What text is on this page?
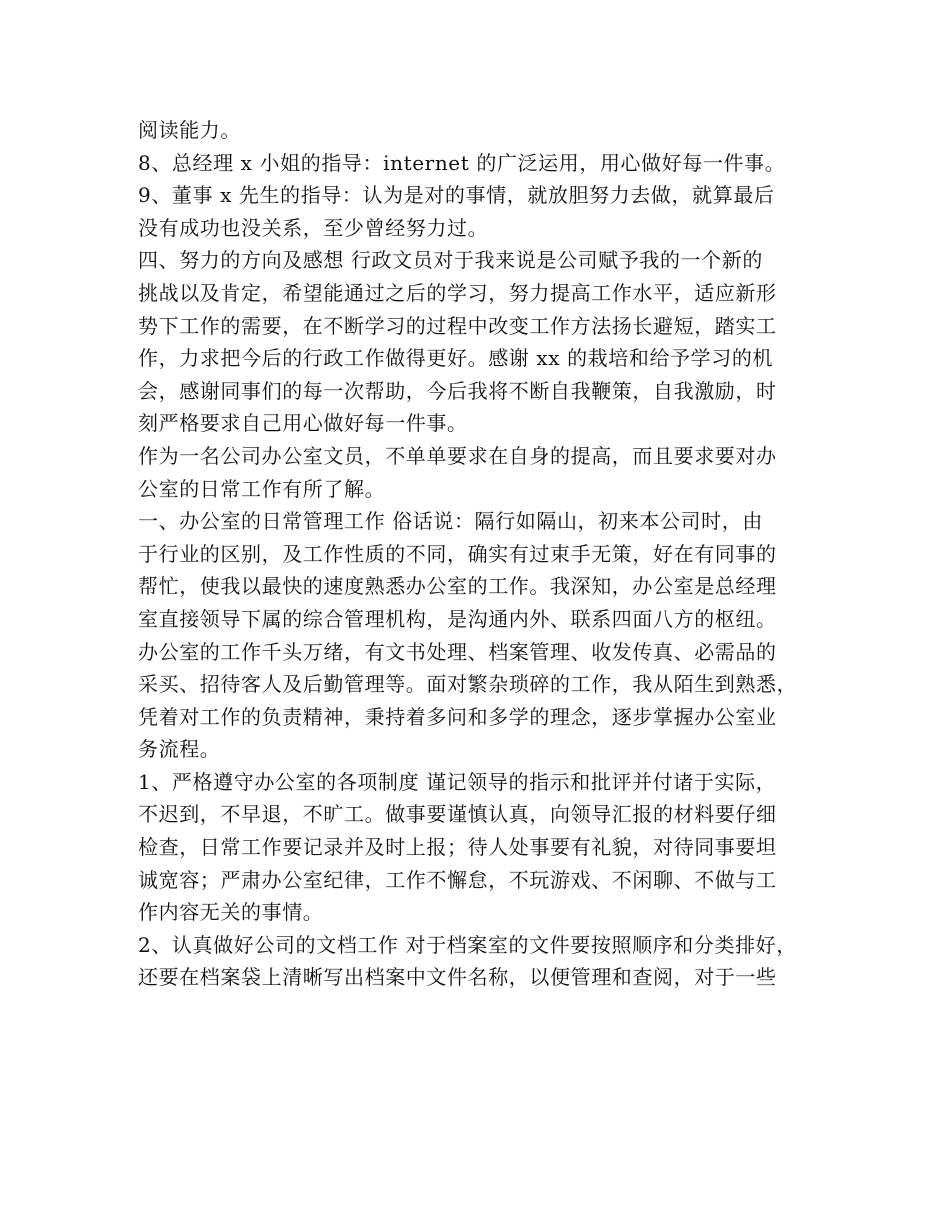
阅读能力。
8、总经理 x 小姐的指导：internet 的广泛运用，用心做好每一件事。
9、董事 x 先生的指导：认为是对的事情，就放胆努力去做，就算最后
没有成功也没关系，至少曾经努力过。
四、努力的方向及感想 行政文员对于我来说是公司赋予我的一个新的
挑战以及肯定，希望能通过之后的学习，努力提高工作水平，适应新形
势下工作的需要，在不断学习的过程中改变工作方法扬长避短，踏实工
作，力求把今后的行政工作做得更好。感谢 xx 的栽培和给予学习的机
会，感谢同事们的每一次帮助，今后我将不断自我鞭策，自我激励，时
刻严格要求自己用心做好每一件事。
作为一名公司办公室文员，不单单要求在自身的提高，而且要求要对办
公室的日常工作有所了解。
一、办公室的日常管理工作 俗话说：隔行如隔山，初来本公司时，由
于行业的区别，及工作性质的不同，确实有过束手无策，好在有同事的
帮忙，使我以最快的速度熟悉办公室的工作。我深知，办公室是总经理
室直接领导下属的综合管理机构，是沟通内外、联系四面八方的枢纽。
办公室的工作千头万绪，有文书处理、档案管理、收发传真、必需品的
采买、招待客人及后勤管理等。面对繁杂琐碎的工作，我从陌生到熟悉，
凭着对工作的负责精神，秉持着多问和多学的理念，逐步掌握办公室业
务流程。
1、严格遵守办公室的各项制度 谨记领导的指示和批评并付诸于实际，
不迟到，不早退，不旷工。做事要谨慎认真，向领导汇报的材料要仔细
检查，日常工作要记录并及时上报；待人处事要有礼貌，对待同事要坦
诚宽容；严肃办公室纪律，工作不懈怠，不玩游戏、不闲聊、不做与工
作内容无关的事情。
2、认真做好公司的文档工作 对于档案室的文件要按照顺序和分类排好，
还要在档案袋上清晰写出档案中文件名称，以便管理和查阅，对于一些
